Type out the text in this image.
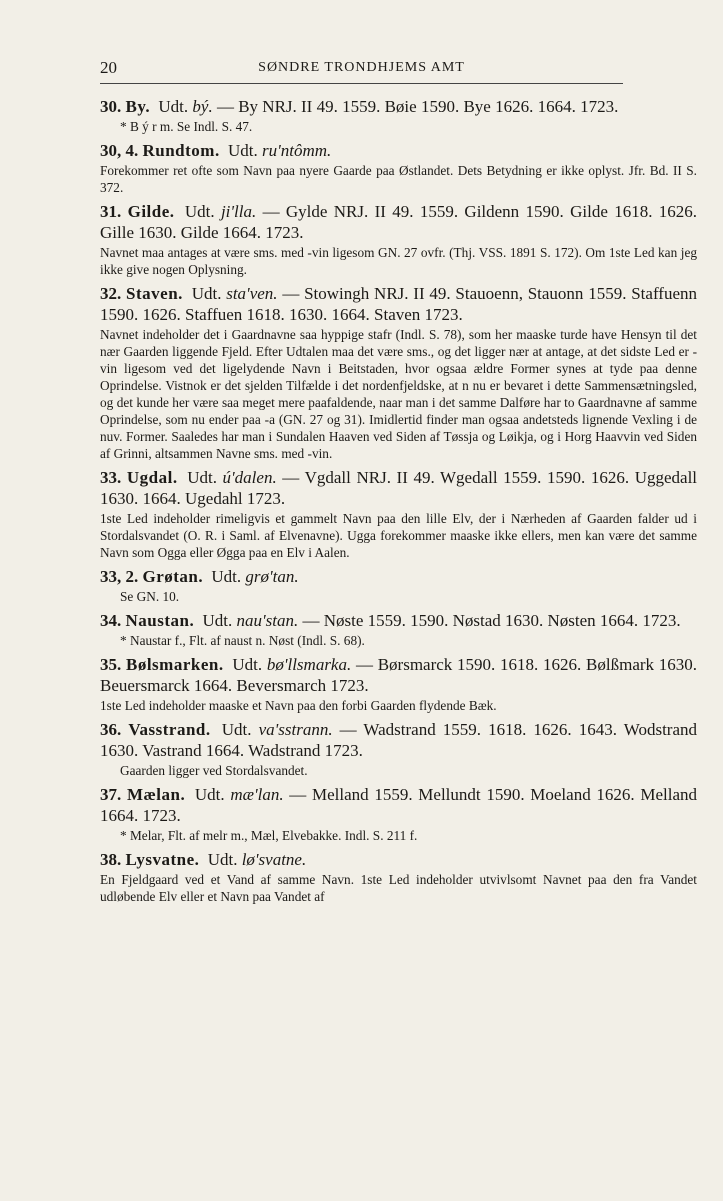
20	SØNDRE TRONDHJEMS AMT

30. By. Udt. bý. — By NRJ. II 49. 1559. Bøie 1590. Bye 1626. 1664. 1723.

* B ý r m. Se Indl. S. 47.

30, 4. Rundtom. Udt. ru'ntômm.

Forekommer ret ofte som Navn paa nyere Gaarde paa Østlandet. Dets Betydning er ikke oplyst. Jfr. Bd. II S. 372.

31. Gilde. Udt. ji'lla. — Gylde NRJ. II 49. 1559. Gildenn 1590. Gilde 1618. 1626. Gille 1630. Gilde 1664. 1723.

Navnet maa antages at være sms. med -vin ligesom GN. 27 ovfr. (Thj. VSS. 1891 S. 172). Om 1ste Led kan jeg ikke give nogen Oplysning.

32. Staven. Udt. sta'ven. — Stowingh NRJ. II 49. Stauoenn, Stauonn 1559. Staffuenn 1590. 1626. Staffuen 1618. 1630. 1664. Staven 1723.

Navnet indeholder det i Gaardnavne saa hyppige stafr (Indl. S. 78), som her maaske turde have Hensyn til det nær Gaarden liggende Fjeld. Efter Udtalen maa det være sms., og det ligger nær at antage, at det sidste Led er -vin ligesom ved det ligelydende Navn i Beitstaden, hvor ogsaa ældre Former synes at tyde paa denne Oprindelse. Vistnok er det sjelden Tilfælde i det nordenfjeldske, at n nu er bevaret i dette Sammensætningsled, og det kunde her være saa meget mere paafaldende, naar man i det samme Dalføre har to Gaardnavne af samme Oprindelse, som nu ender paa -a (GN. 27 og 31). Imidlertid finder man ogsaa andetsteds lignende Vexling i de nuv. Former. Saaledes har man i Sundalen Haaven ved Siden af Tøssja og Løikja, og i Horg Haavvin ved Siden af Grinni, altsammen Navne sms. med -vin.

33. Ugdal. Udt. ú'dalen. — Vgdall NRJ. II 49. Wgedall 1559. 1590. 1626. Uggedall 1630. 1664. Ugedahl 1723.

1ste Led indeholder rimeligvis et gammelt Navn paa den lille Elv, der i Nærheden af Gaarden falder ud i Stordalsvandet (O. R. i Saml. af Elvenavne). Ugga forekommer maaske ikke ellers, men kan være det samme Navn som Ogga eller Øgga paa en Elv i Aalen.

33, 2. Grøtan. Udt. grø'tan.

Se GN. 10.

34. Naustan. Udt. nau'stan. — Nøste 1559. 1590. Nøstad 1630. Nøsten 1664. 1723.

* Naustar f., Flt. af naust n. Nøst (Indl. S. 68).

35. Bølsmarken. Udt. bø'llsmarka. — Børsmarck 1590. 1618. 1626. Bølßmark 1630. Beuersmarck 1664. Beversmarch 1723.

1ste Led indeholder maaske et Navn paa den forbi Gaarden flydende Bæk.

36. Vasstrand. Udt. va'sstrann. — Wadstrand 1559. 1618. 1626. 1643. Wodstrand 1630. Vastrand 1664. Wadstrand 1723.

Gaarden ligger ved Stordalsvandet.

37. Mælan. Udt. mæ'lan. — Melland 1559. Mellundt 1590. Moeland 1626. Melland 1664. 1723.

* Melar, Flt. af melr m., Mæl, Elvebakke. Indl. S. 211 f.

38. Lysvatne. Udt. lø'svatne.

En Fjeldgaard ved et Vand af samme Navn. 1ste Led indeholder utvivlsomt Navnet paa den fra Vandet udløbende Elv eller et Navn paa Vandet af
